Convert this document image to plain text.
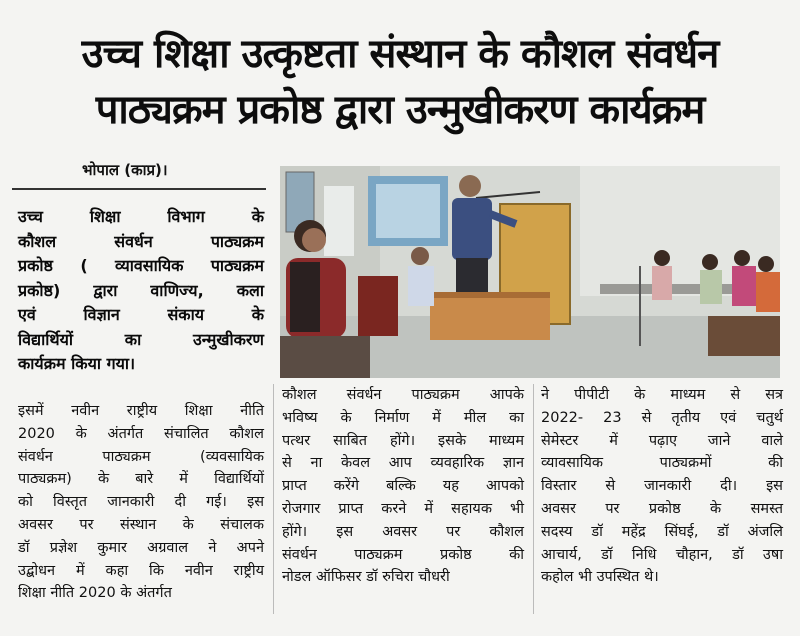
उच्च शिक्षा उत्कृष्टता संस्थान के कौशल संवर्धन
पाठ्यक्रम प्रकोष्ठ द्वारा उन्मुखीकरण कार्यक्रम
भोपाल (काप्र)।
उच्च शिक्षा विभाग के
कौशल संवर्धन पाठ्यक्रम
प्रकोष्ठ ( व्यावसायिक पाठ्यक्रम
प्रकोष्ठ) द्वारा वाणिज्य, कला
एवं विज्ञान संकाय के
विद्यार्थियों का उन्मुखीकरण
कार्यक्रम किया गया।
इसमें नवीन राष्ट्रीय शिक्षा नीति
2020 के अंतर्गत संचालित कौशल
संवर्धन पाठ्यक्रम (व्यवसायिक
पाठ्यक्रम) के बारे में विद्यार्थियों
को विस्तृत जानकारी दी गई। इस
अवसर पर संस्थान के संचालक
डॉ प्रज्ञेश कुमार अग्रवाल ने अपने
उद्बोधन में कहा कि नवीन राष्ट्रीय
शिक्षा नीति 2020 के अंतर्गत
कौशल संवर्धन पाठ्यक्रम आपके
भविष्य के निर्माण में मील का
पत्थर साबित होंगे। इसके माध्यम
से ना केवल आप व्यवहारिक ज्ञान
प्राप्त करेंगे बल्कि यह आपको
रोजगार प्राप्त करने में सहायक भी
होंगे। इस अवसर पर कौशल
संवर्धन पाठ्यक्रम प्रकोष्ठ की
नोडल ऑफिसर डॉ रुचिरा चौधरी
ने पीपीटी के माध्यम से सत्र
2022- 23 से तृतीय एवं चतुर्थ
सेमेस्टर में पढ़ाए जाने वाले
व्यावसायिक पाठ्यक्रमों की
विस्तार से जानकारी दी। इस
अवसर पर प्रकोष्ठ के समस्त
सदस्य डॉ महेंद्र सिंघई, डॉ अंजलि
आचार्य, डॉ निधि चौहान, डॉ उषा
कहोल भी उपस्थित थे।
